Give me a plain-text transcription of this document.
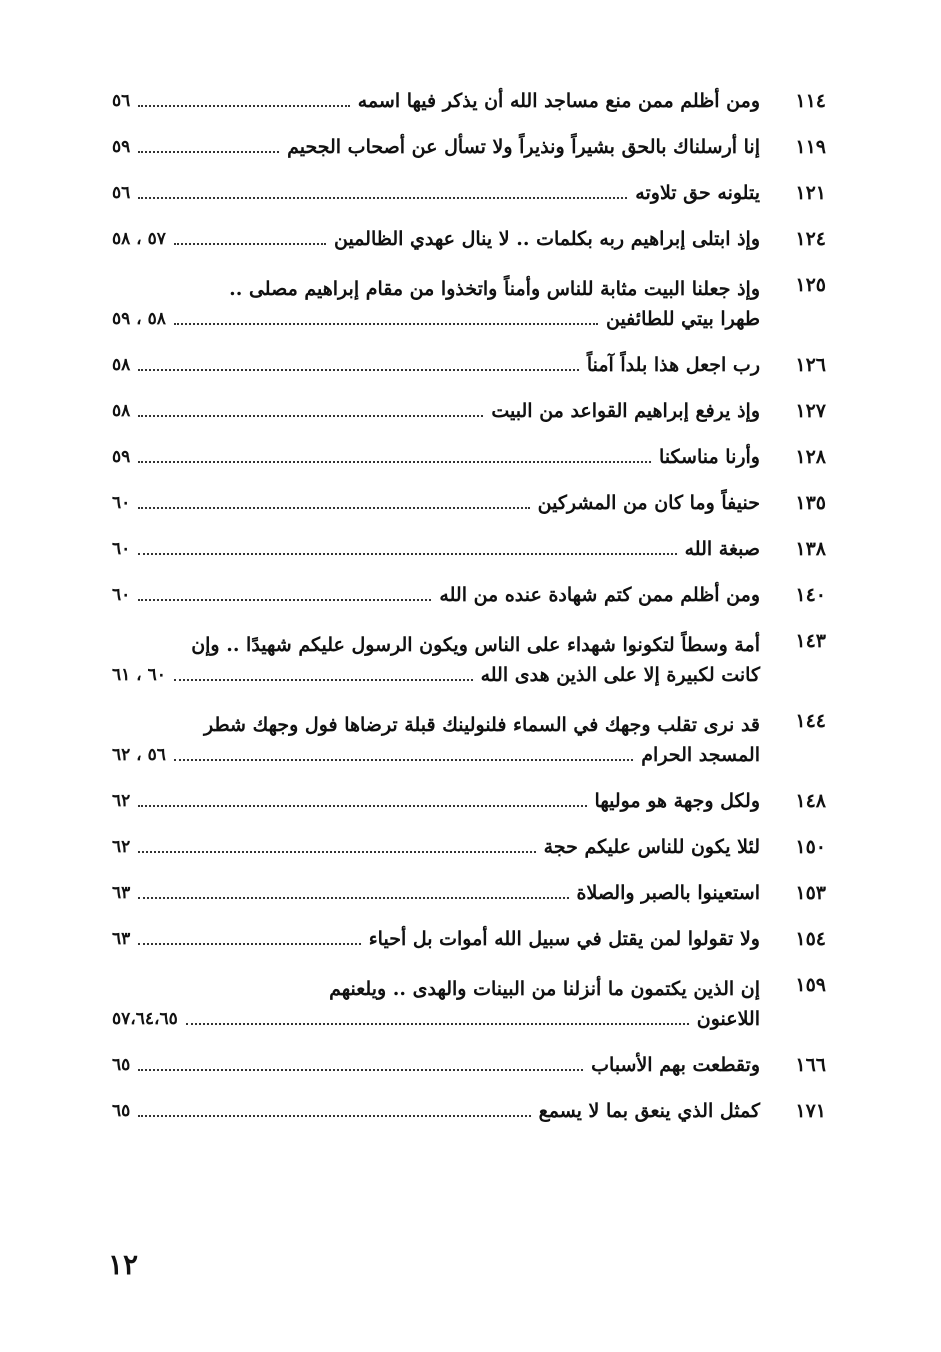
١١٤
ومن أظلم ممن منع مساجد الله أن يذكر فيها اسمه
٥٦
١١٩
إنا أرسلناك بالحق بشيراً ونذيراً ولا تسأل عن أصحاب الجحيم
٥٩
١٢١
يتلونه حق تلاوته
٥٦
١٢٤
وإذ ابتلى إبراهيم ربه بكلمات .. لا ينال عهدي الظالمين
٥٧ ، ٥٨
١٢٥
وإذ جعلنا البيت مثابة للناس وأمناً واتخذوا من مقام إبراهيم مصلى ..
طهرا بيتي للطائفين
٥٨ ، ٥٩
١٢٦
رب اجعل هذا بلداً آمناً
٥٨
١٢٧
وإذ يرفع إبراهيم القواعد من البيت
٥٨
١٢٨
وأرنا مناسكنا
٥٩
١٣٥
حنيفاً وما كان من المشركين
٦٠
١٣٨
صبغة الله
٦٠
١٤٠
ومن أظلم ممن كتم شهادة عنده من الله
٦٠
١٤٣
أمة وسطاً لتكونوا شهداء على الناس ويكون الرسول عليكم شهيدًا .. وإن
كانت لكبيرة إلا على الذين هدى الله
٦٠ ، ٦١
١٤٤
قد نرى تقلب وجهك في السماء فلنولينك قبلة ترضاها فول وجهك شطر
المسجد الحرام
٥٦ ، ٦٢
١٤٨
ولكل وجهة هو موليها
٦٢
١٥٠
لئلا يكون للناس عليكم حجة
٦٢
١٥٣
استعينوا بالصبر والصلاة
٦٣
١٥٤
ولا تقولوا لمن يقتل في سبيل الله أموات بل أحياء
٦٣
١٥٩
إن الذين يكتمون ما أنزلنا من البينات والهدى .. ويلعنهم
اللاعنون
٥٧،٦٤،٦٥
١٦٦
وتقطعت بهم الأسباب
٦٥
١٧١
كمثل الذي ينعق بما لا يسمع
٦٥
١٢
